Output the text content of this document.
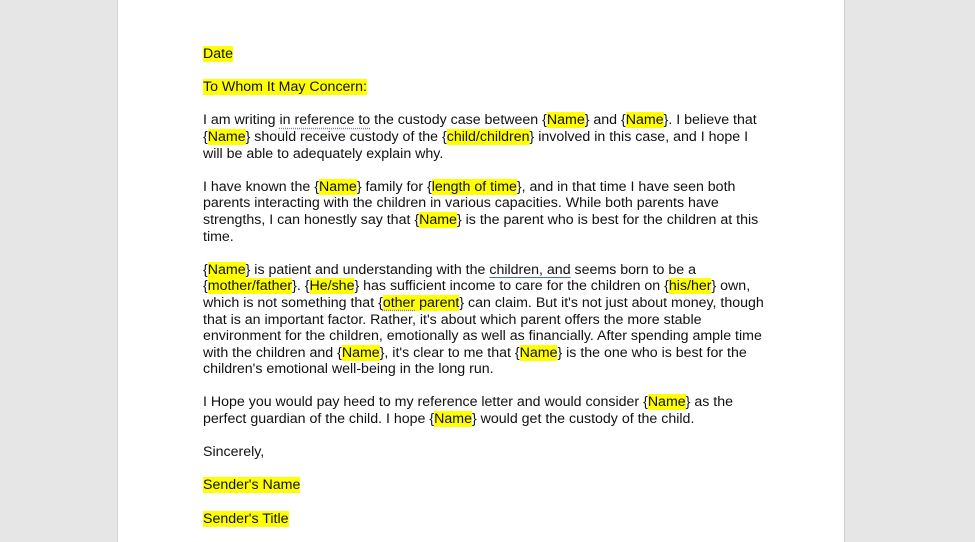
Date

To Whom It May Concern:

I am writing in reference to the custody case between {Name} and {Name}. I believe that {Name} should receive custody of the {child/children} involved in this case, and I hope I will be able to adequately explain why.

I have known the {Name} family for {length of time}, and in that time I have seen both parents interacting with the children in various capacities. While both parents have strengths, I can honestly say that {Name} is the parent who is best for the children at this time.

{Name} is patient and understanding with the children, and seems born to be a {mother/father}. {He/she} has sufficient income to care for the children on {his/her} own, which is not something that {other parent} can claim. But it's not just about money, though that is an important factor. Rather, it's about which parent offers the more stable environment for the children, emotionally as well as financially. After spending ample time with the children and {Name}, it's clear to me that {Name} is the one who is best for the children's emotional well-being in the long run.

I Hope you would pay heed to my reference letter and would consider {Name} as the perfect guardian of the child. I hope {Name} would get the custody of the child.

Sincerely,

Sender's Name

Sender's Title
